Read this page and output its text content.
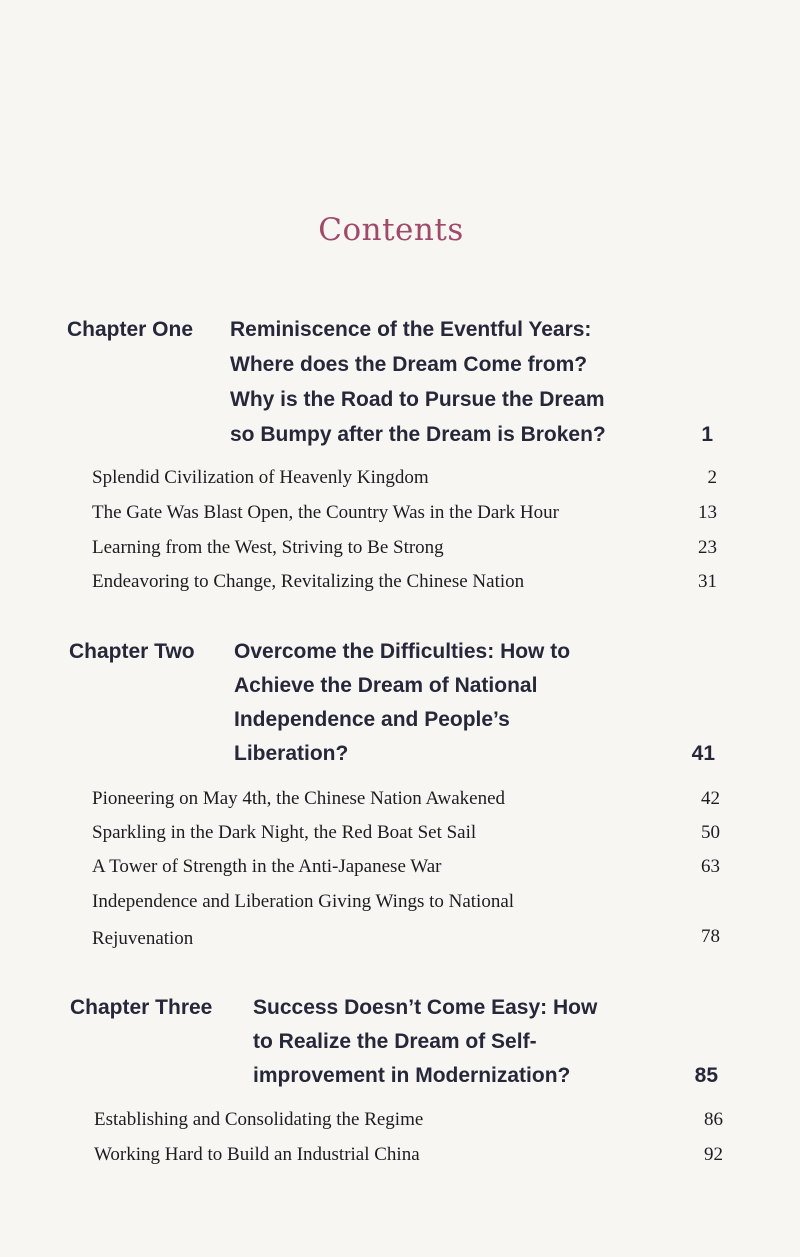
Contents
Chapter One Reminiscence of the Eventful Years:
Where does the Dream Come from?
Why is the Road to Pursue the Dream
so Bumpy after the Dream is Broken?	1
Splendid Civilization of Heavenly Kingdom	2
The Gate Was Blast Open, the Country Was in the Dark Hour	13
Learning from the West, Striving to Be Strong	23
Endeavoring to Change, Revitalizing the Chinese Nation	31
Chapter Two Overcome the Difficulties: How to
Achieve the Dream of National
Independence and People’s
Liberation?	41
Pioneering on May 4th, the Chinese Nation Awakened	42
Sparkling in the Dark Night, the Red Boat Set Sail	50
A Tower of Strength in the Anti-Japanese War	63
Independence and Liberation Giving Wings to National
Rejuvenation	78
Chapter Three Success Doesn’t Come Easy: How
to Realize the Dream of Self-
improvement in Modernization?	85
Establishing and Consolidating the Regime	86
Working Hard to Build an Industrial China	92
